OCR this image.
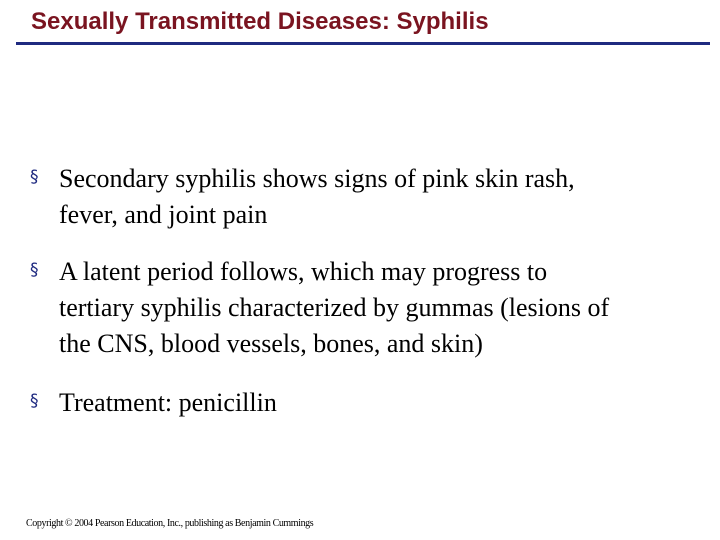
Sexually Transmitted Diseases: Syphilis
§ Secondary syphilis shows signs of pink skin rash,
fever, and joint pain

§ A latent period follows, which may progress to
tertiary syphilis characterized by gummas (lesions of
the CNS, blood vessels, bones, and skin)

§ Treatment: penicillin

Copyright © 2004 Pearson Education, Inc., publishing as Benjamin Cummings
